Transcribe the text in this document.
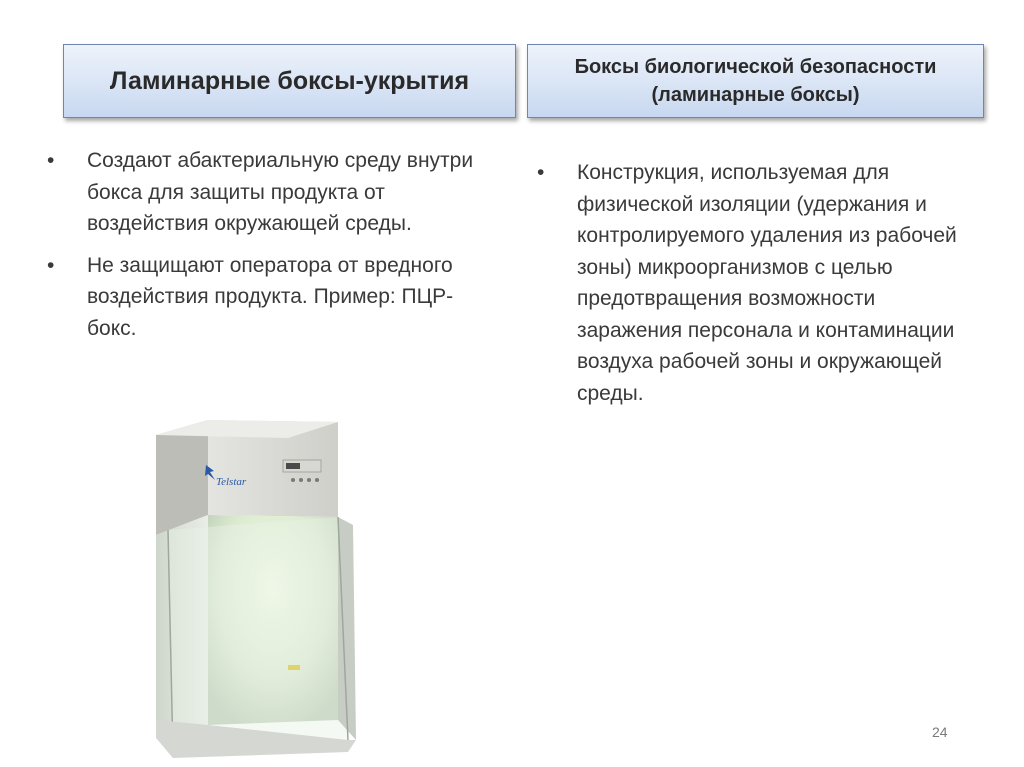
Ламинарные боксы-укрытия	Боксы биологической безопасности
(ламинарные боксы)
• Создают абактериальную среду внутри бокса для защиты продукта от воздействия окружающей среды.
• Не защищают оператора от вредного воздействия продукта. Пример: ПЦР-бокс.
• Конструкция, используемая для физической изоляции (удержания и контролируемого удаления из рабочей зоны) микроорганизмов с целью предотвращения возможности заражения персонала и контаминации воздуха рабочей зоны и окружающей среды.
Telstar
24
